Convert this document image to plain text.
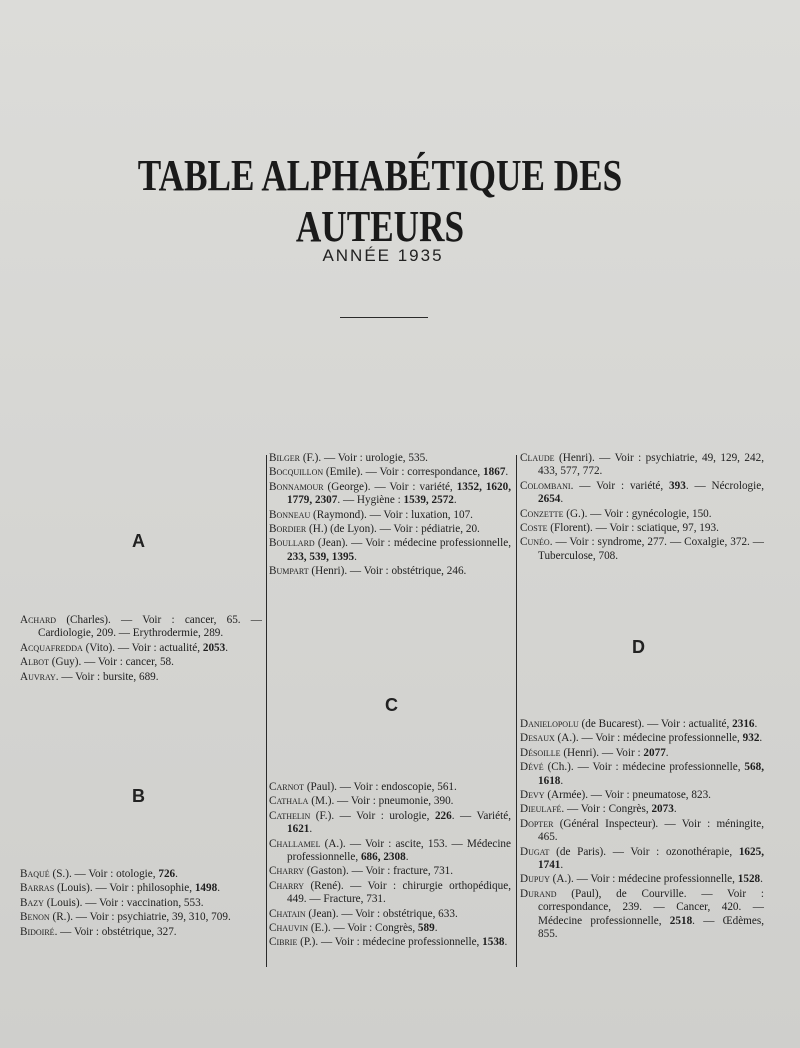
TABLE ALPHABÉTIQUE DES AUTEURS
ANNÉE 1935
A
B
C
D
Achard (Charles). — Voir : cancer, 65. — Cardiologie, 209. — Erythrodermie, 289.
Acquafredda (Vito). — Voir : actualité, 2053.
Albot (Guy). — Voir : cancer, 58.
Auvray. — Voir : bursite, 689.
Baqué (S.). — Voir : otologie, 726.
Barras (Louis). — Voir : philosophie, 1498.
Bazy (Louis). — Voir : vaccination, 553.
Benon (R.). — Voir : psychiatrie, 39, 310, 709.
Bidoiré. — Voir : obstétrique, 327.
Bilger (F.). — Voir : urologie, 535.
Bocquillon (Emile). — Voir : correspondance, 1867.
Bonnamour (George). — Voir : variété, 1352, 1620, 1779, 2307. — Hygiène : 1539, 2572.
Bonneau (Raymond). — Voir : luxation, 107.
Bordier (H.) (de Lyon). — Voir : pédiatrie, 20.
Boullard (Jean). — Voir : médecine professionnelle, 233, 539, 1395.
Bumpart (Henri). — Voir : obstétrique, 246.
Carnot (Paul). — Voir : endoscopie, 561.
Cathala (M.). — Voir : pneumonie, 390.
Cathelin (F.). — Voir : urologie, 226. — Variété, 1621.
Challamel (A.). — Voir : ascite, 153. — Médecine professionnelle, 686, 2308.
Charry (Gaston). — Voir : fracture, 731.
Charry (René). — Voir : chirurgie orthopédique, 449. — Fracture, 731.
Chatain (Jean). — Voir : obstétrique, 633.
Chauvin (E.). — Voir : Congrès, 589.
Cibrie (P.). — Voir : médecine professionnelle, 1538.
Claude (Henri). — Voir : psychiatrie, 49, 129, 242, 433, 577, 772.
Colombani. — Voir : variété, 393. — Nécrologie, 2654.
Conzette (G.). — Voir : gynécologie, 150.
Coste (Florent). — Voir : sciatique, 97, 193.
Cunéo. — Voir : syndrome, 277. — Coxalgie, 372. — Tuberculose, 708.
Danielopolu (de Bucarest). — Voir : actualité, 2316.
Desaux (A.). — Voir : médecine professionnelle, 932.
Désoille (Henri). — Voir : 2077.
Dévé (Ch.). — Voir : médecine professionnelle, 568, 1618.
Devy (Armée). — Voir : pneumatose, 823.
Dieulafé. — Voir : Congrès, 2073.
Dopter (Général Inspecteur). — Voir : méningite, 465.
Dugat (de Paris). — Voir : ozonothérapie, 1625, 1741.
Dupuy (A.). — Voir : médecine professionnelle, 1528.
Durand (Paul), de Courville. — Voir : correspondance, 239. — Cancer, 420. — Médecine professionnelle, 2518. — Œdèmes, 855.
